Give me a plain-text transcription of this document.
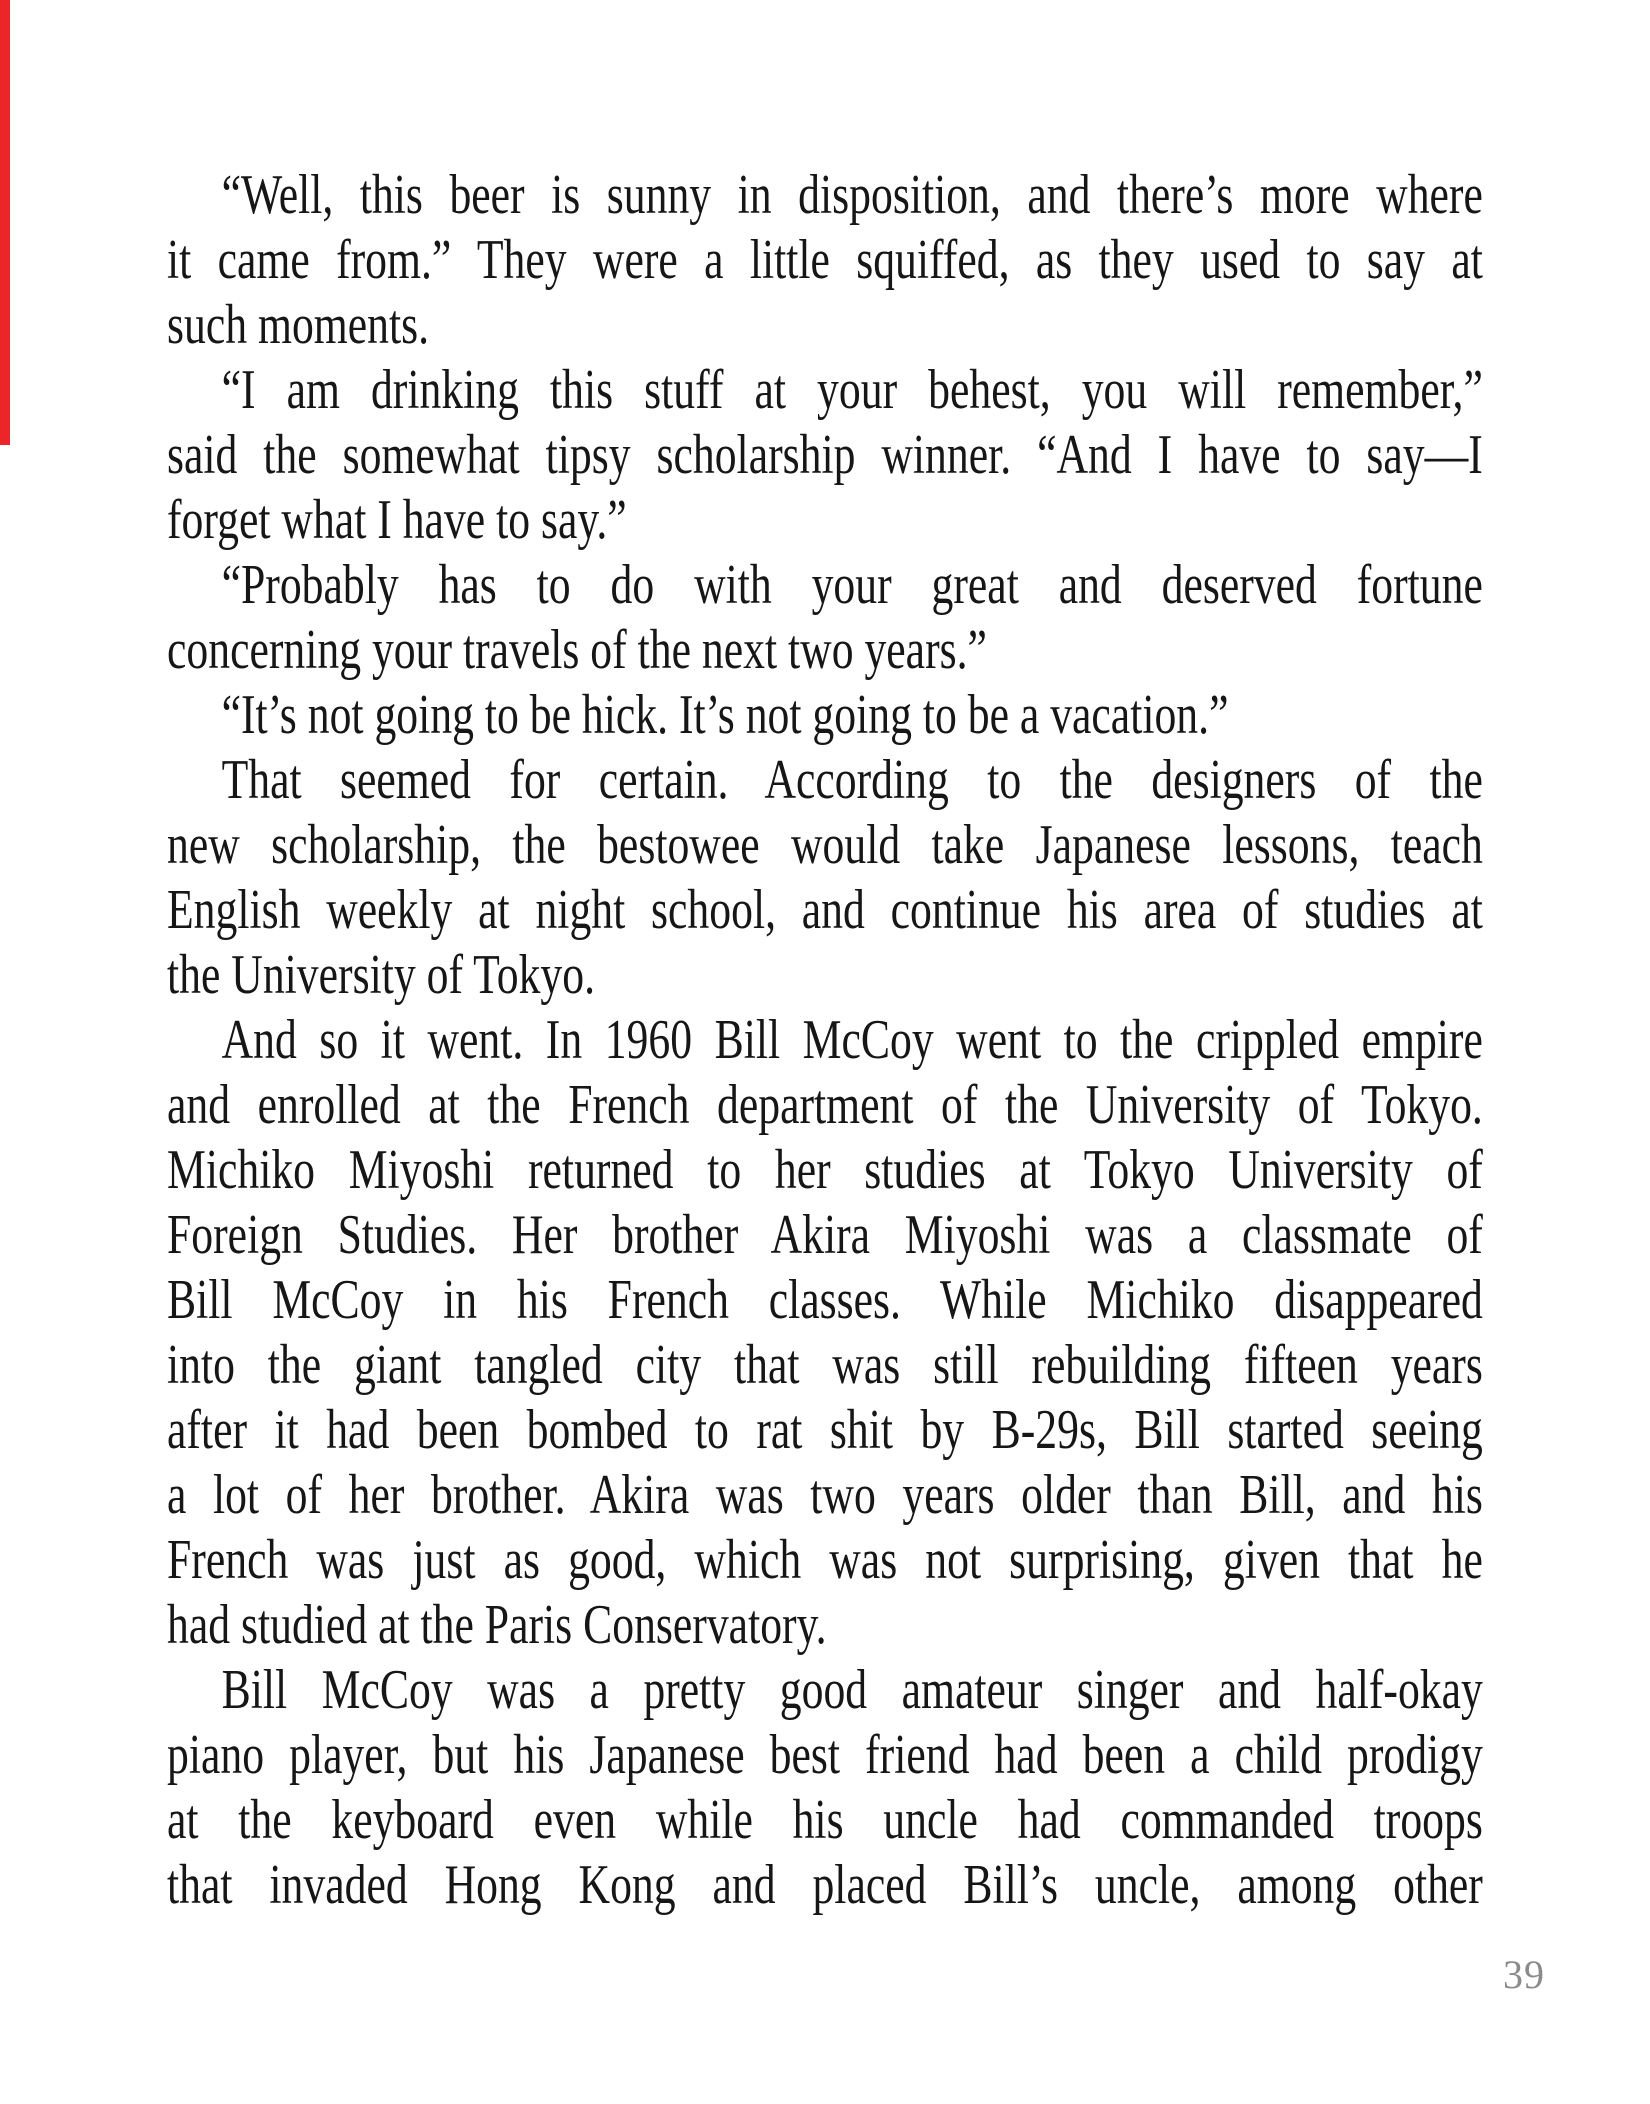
“Well, this beer is sunny in disposition, and there’s more where
it came from.” They were a little squiffed, as they used to say at
such moments.
“I am drinking this stuff at your behest, you will remember,”
said the somewhat tipsy scholarship winner. “And I have to say—I
forget what I have to say.”
“Probably has to do with your great and deserved fortune
concerning your travels of the next two years.”
“It’s not going to be hick. It’s not going to be a vacation.”
That seemed for certain. According to the designers of the
new scholarship, the bestowee would take Japanese lessons, teach
English weekly at night school, and continue his area of studies at
the University of Tokyo.
And so it went. In 1960 Bill McCoy went to the crippled empire
and enrolled at the French department of the University of Tokyo.
Michiko Miyoshi returned to her studies at Tokyo University of
Foreign Studies. Her brother Akira Miyoshi was a classmate of
Bill McCoy in his French classes. While Michiko disappeared
into the giant tangled city that was still rebuilding fifteen years
after it had been bombed to rat shit by B-29s, Bill started seeing
a lot of her brother. Akira was two years older than Bill, and his
French was just as good, which was not surprising, given that he
had studied at the Paris Conservatory.
Bill McCoy was a pretty good amateur singer and half-okay
piano player, but his Japanese best friend had been a child prodigy
at the keyboard even while his uncle had commanded troops
that invaded Hong Kong and placed Bill’s uncle, among other
39
